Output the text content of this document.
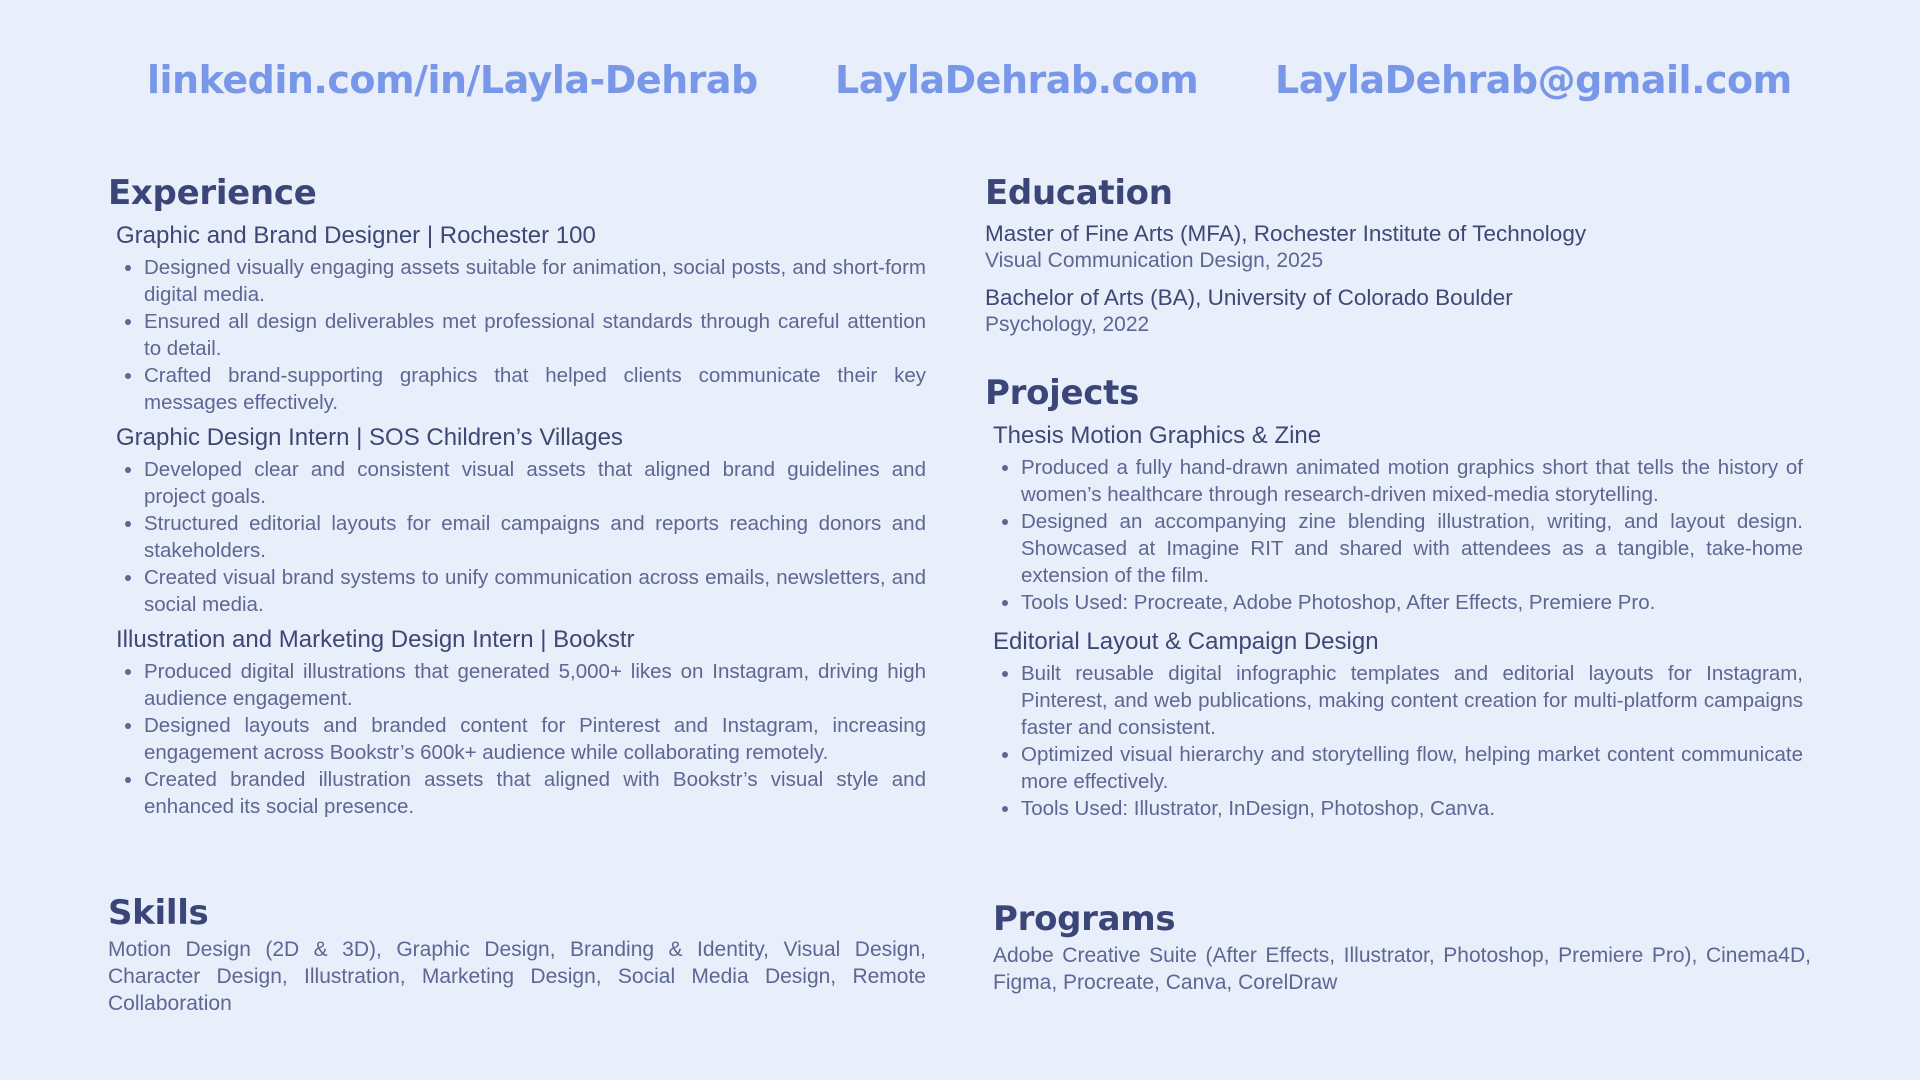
linkedin.com/in/Layla-Dehrab LaylaDehrab.com LaylaDehrab@gmail.com
Experience
Graphic and Brand Designer | Rochester 100
• Designed visually engaging assets suitable for animation, social posts, and short-form digital media.
• Ensured all design deliverables met professional standards through careful attention to detail.
• Crafted brand-supporting graphics that helped clients communicate their key messages effectively.
Graphic Design Intern | SOS Children’s Villages
• Developed clear and consistent visual assets that aligned brand guidelines and project goals.
• Structured editorial layouts for email campaigns and reports reaching donors and stakeholders.
• Created visual brand systems to unify communication across emails, newsletters, and social media.
Illustration and Marketing Design Intern | Bookstr
• Produced digital illustrations that generated 5,000+ likes on Instagram, driving high audience engagement.
• Designed layouts and branded content for Pinterest and Instagram, increasing engagement across Bookstr’s 600k+ audience while collaborating remotely.
• Created branded illustration assets that aligned with Bookstr’s visual style and enhanced its social presence.
Skills
Motion Design (2D & 3D), Graphic Design, Branding & Identity, Visual Design, Character Design, Illustration, Marketing Design, Social Media Design, Remote Collaboration
Education
Master of Fine Arts (MFA), Rochester Institute of Technology
Visual Communication Design, 2025
Bachelor of Arts (BA), University of Colorado Boulder
Psychology, 2022
Projects
Thesis Motion Graphics & Zine
• Produced a fully hand-drawn animated motion graphics short that tells the history of women’s healthcare through research-driven mixed-media storytelling.
• Designed an accompanying zine blending illustration, writing, and layout design. Showcased at Imagine RIT and shared with attendees as a tangible, take-home extension of the film.
• Tools Used: Procreate, Adobe Photoshop, After Effects, Premiere Pro.
Editorial Layout & Campaign Design
• Built reusable digital infographic templates and editorial layouts for Instagram, Pinterest, and web publications, making content creation for multi-platform campaigns faster and consistent.
• Optimized visual hierarchy and storytelling flow, helping market content communicate more effectively.
• Tools Used: Illustrator, InDesign, Photoshop, Canva.
Programs
Adobe Creative Suite (After Effects, Illustrator, Photoshop, Premiere Pro), Cinema4D, Figma, Procreate, Canva, CorelDraw
